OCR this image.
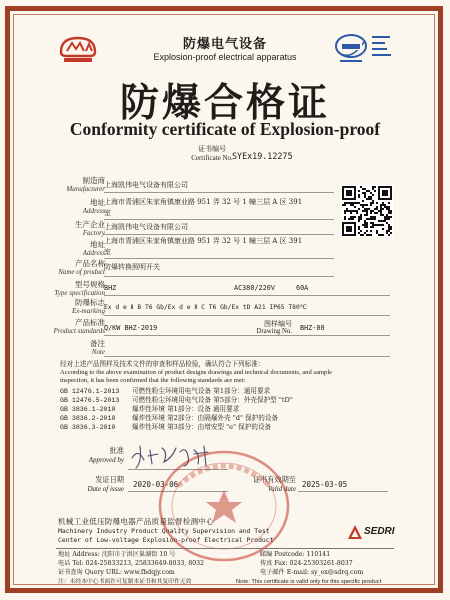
防爆电气设备
Explosion-proof electrical apparatus
防爆合格证
Conformity certificate of Explosion-proof
证书编号
Certificate No. SYEx19.12275
制造商
Manufacturer 上海凯伟电气设备有限公司
地址
Address
上海市青浦区朱家角镇康业路 951 弄 32 号 1 幢三层 A 区 391
室
生产企业
Factory
上海凯伟电气设备有限公司
地址
Address
上海市青浦区朱家角镇康业路 951 弄 32 号 1 幢三层 A 区 391
室
产品名称
Name of product
防爆转换照明开关
型号规格
Type specification
BHZ	AC380/220V	60A
防爆标志
Ex-marking Ex d e Ⅱ B T6 Gb/Ex d e Ⅱ C T6 Gb/Ex tD A21 IP65 T80℃
产品标准
Product standards Q/KW BHZ-2019	图样编号
Drawing No. BHZ-00
备注
Note
经对上述产品图样及技术文件的审查和样品检验，确认符合下列标准：
According to the above examination of product designs drawings and technical documents, and sample
inspection, it has been confirmed that the following standards are met:
GB 12476.1-2013 可燃性粉尘环境用电气设备 第1部分：通用要求
GB 12476.5-2013 可燃性粉尘环境用电气设备 第5部分：外壳保护型 "tD"
GB 3836.1-2010	爆炸性环境 第1部分：设备 通用要求
GB 3836.2-2010	爆炸性环境 第2部分：由隔爆外壳 "d" 保护的设备
GB 3836.3-2010	爆炸性环境 第3部分：由增安型 "e" 保护的设备
批准
Approved by
发证日期
Date of issue 2020-03-06
证书有效期至
Valid date 2025-03-05
机械工业低压防爆电器产品质量监督检测中心
Machinery Industry Product Quality Supervision and Test
Center of Low-voltage Explosion-proof Electrical Product
SEDRI
地址 Address: 沈阳市于洪区巢湖街 10 号	邮编 Postcode: 110141
电话 Tel: 024-25833213, 25833649-8033, 8032	传真 Fax: 024-25303261-8037
证书查询 Query URL: www.fbdqjy.com	电子邮件 E-mail: sy_ex@sdrq.com
注：未经本中心书面许可复制本证书和其复印件无效	Note: This certificate is valid only for this specific product
